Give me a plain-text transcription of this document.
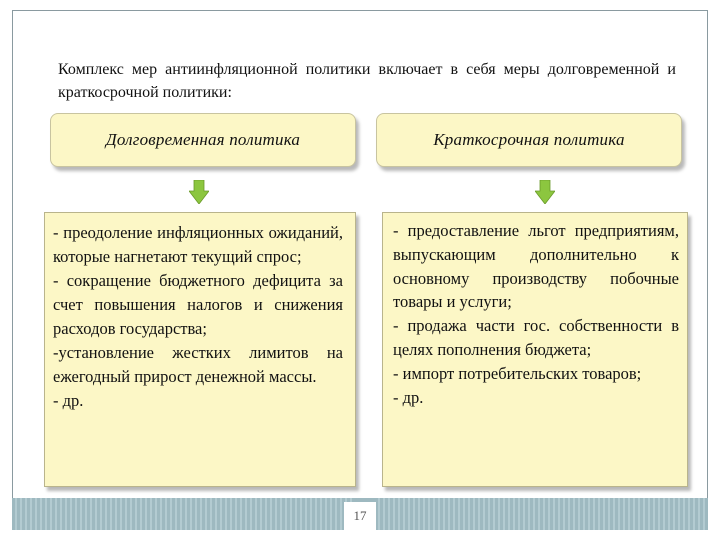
Комплекс мер антиинфляционной политики включает в себя меры долговременной и краткосрочной политики:
Долговременная политика	Краткосрочная политика
- преодоление инфляционных ожиданий, которые нагнетают текущий спрос;
- сокращение бюджетного дефицита за счет повышения налогов и снижения расходов государства;
-установление жестких лимитов на ежегодный прирост денежной массы.
- др.
- предоставление льгот предприятиям, выпускающим дополнительно к основному производству побочные товары и услуги;
- продажа части гос. собственности в целях пополнения бюджета;
- импорт потребительских товаров;
- др.
17
